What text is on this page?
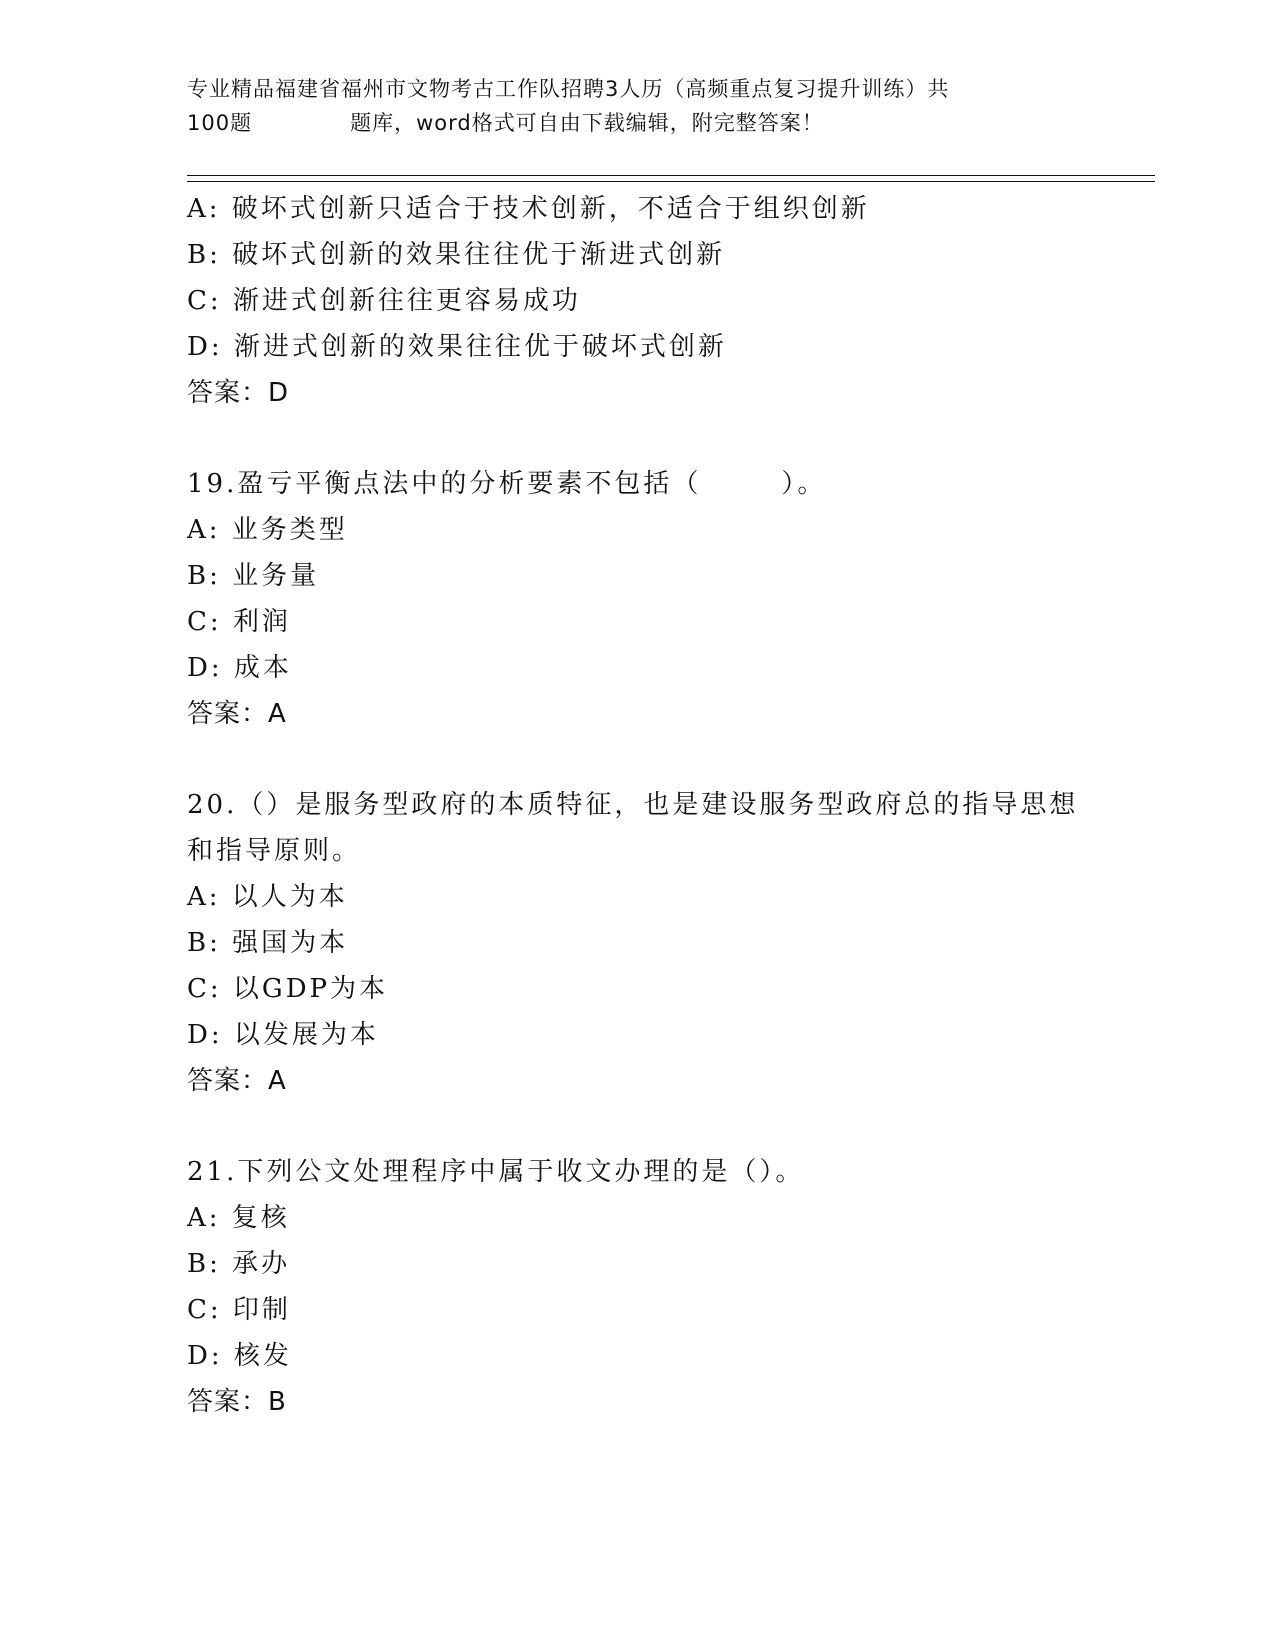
专业精品福建省福州市文物考古工作队招聘3人历（高频重点复习提升训练）共
100题	题库，word格式可自由下载编辑，附完整答案！
A: 破坏式创新只适合于技术创新，不适合于组织创新
B: 破坏式创新的效果往往优于渐进式创新
C: 渐进式创新往往更容易成功
D: 渐进式创新的效果往往优于破坏式创新
答案：D
19.盈亏平衡点法中的分析要素不包括（	）。
A: 业务类型
B: 业务量
C: 利润
D: 成本
答案：A
20.（）是服务型政府的本质特征，也是建设服务型政府总的指导思想
和指导原则。
A: 以人为本
B: 强国为本
C: 以GDP为本
D: 以发展为本
答案：A
21.下列公文处理程序中属于收文办理的是（）。
A: 复核
B: 承办
C: 印制
D: 核发
答案：B
